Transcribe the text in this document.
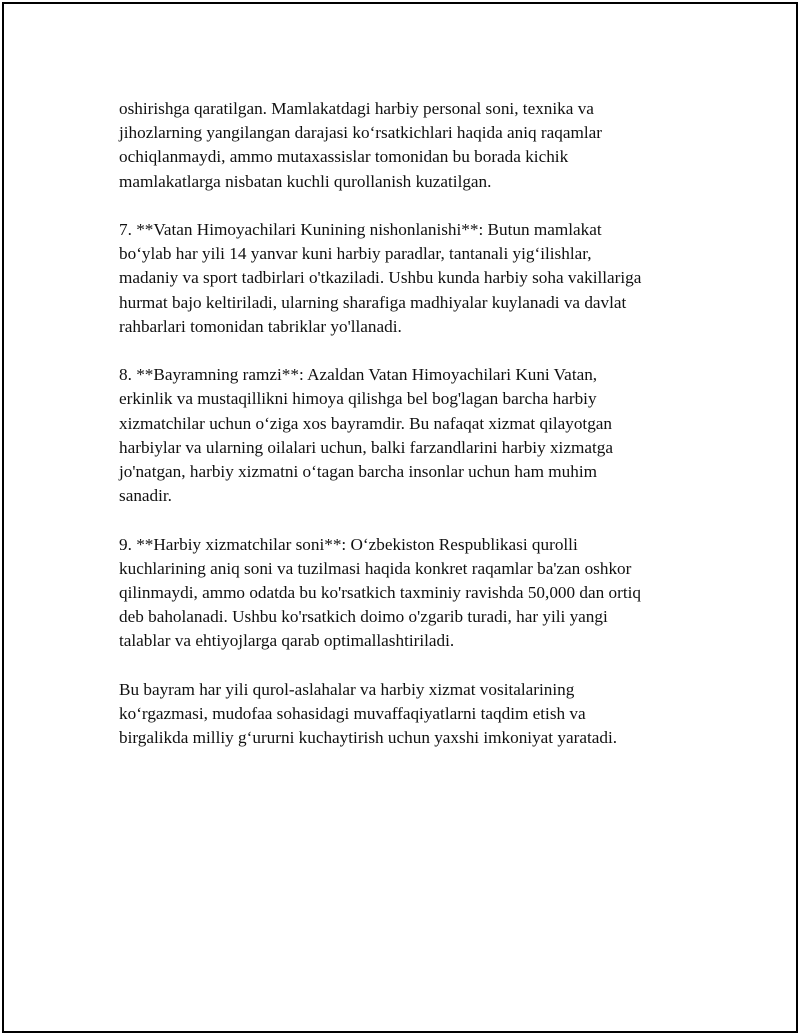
oshirishga qaratilgan. Mamlakatdagi harbiy personal soni, texnika va
jihozlarning yangilangan darajasi ko‘rsatkichlari haqida aniq raqamlar
ochiqlanmaydi, ammo mutaxassislar tomonidan bu borada kichik
mamlakatlarga nisbatan kuchli qurollanish kuzatilgan.

7. **Vatan Himoyachilari Kunining nishonlanishi**: Butun mamlakat
bo‘ylab har yili 14 yanvar kuni harbiy paradlar, tantanali yig‘ilishlar,
madaniy va sport tadbirlari o'tkaziladi. Ushbu kunda harbiy soha vakillariga
hurmat bajo keltiriladi, ularning sharafiga madhiyalar kuylanadi va davlat
rahbarlari tomonidan tabriklar yo'llanadi.

8. **Bayramning ramzi**: Azaldan Vatan Himoyachilari Kuni Vatan,
erkinlik va mustaqillikni himoya qilishga bel bog'lagan barcha harbiy
xizmatchilar uchun o‘ziga xos bayramdir. Bu nafaqat xizmat qilayotgan
harbiylar va ularning oilalari uchun, balki farzandlarini harbiy xizmatga
jo'natgan, harbiy xizmatni o‘tagan barcha insonlar uchun ham muhim
sanadir.

9. **Harbiy xizmatchilar soni**: O‘zbekiston Respublikasi qurolli
kuchlarining aniq soni va tuzilmasi haqida konkret raqamlar ba'zan oshkor
qilinmaydi, ammo odatda bu ko'rsatkich taxminiy ravishda 50,000 dan ortiq
deb baholanadi. Ushbu ko'rsatkich doimo o'zgarib turadi, har yili yangi
talablar va ehtiyojlarga qarab optimallashtiriladi.

Bu bayram har yili qurol-aslahalar va harbiy xizmat vositalarining
ko‘rgazmasi, mudofaa sohasidagi muvaffaqiyatlarni taqdim etish va
birgalikda milliy g‘ururni kuchaytirish uchun yaxshi imkoniyat yaratadi.
